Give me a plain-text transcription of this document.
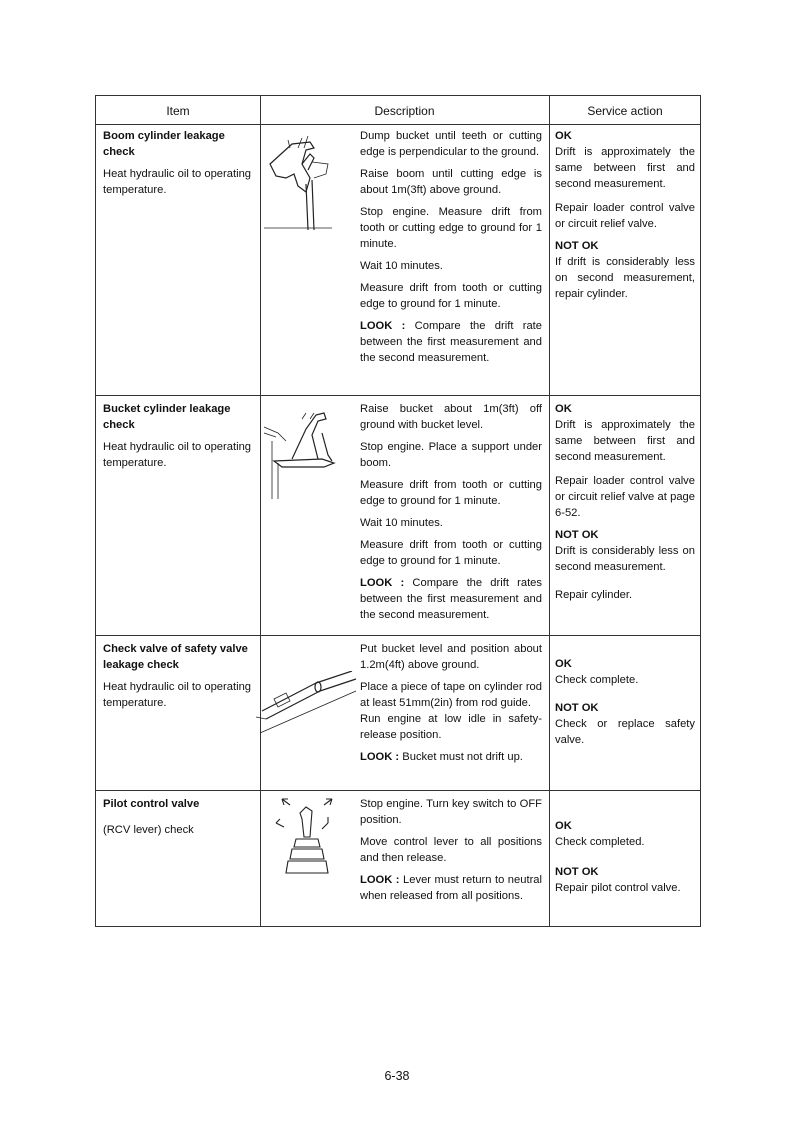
Item	Description	Service action

Boom cylinder leakage check

Heat hydraulic oil to operating temperature.

Dump bucket until teeth or cutting edge is perpendicular to the ground.

Raise boom until cutting edge is about 1m(3ft) above ground.

Stop engine. Measure drift from tooth or cutting edge to ground for 1 minute.

Wait 10 minutes.

Measure drift from tooth or cutting edge to ground for 1 minute.

LOOK : Compare the drift rate between the first measurement and the second measurement.

OK

Drift is approximately the same between first and second measurement.

Repair loader control valve or circuit relief valve.

NOT OK

If drift is considerably less on second measurement, repair cylinder.

Bucket cylinder leakage check

Heat hydraulic oil to operating temperature.

Raise bucket about 1m(3ft) off ground with bucket level.

Stop engine. Place a support under boom.

Measure drift from tooth or cutting edge to ground for 1 minute.

Wait 10 minutes.

Measure drift from tooth or cutting edge to ground for 1 minute.

LOOK : Compare the drift rates between the first measurement and the second measurement.

OK

Drift is approximately the same between first and second measurement.

Repair loader control valve or circuit relief valve at page 6-52.

NOT OK

Drift is considerably less on second measurement.

Repair cylinder.

Check valve of safety valve leakage check

Heat hydraulic oil to operating temperature.

Put bucket level and position about 1.2m(4ft) above ground.

Place a piece of tape on cylinder rod at least 51mm(2in) from rod guide.

Run engine at low idle in safety-release position.

LOOK : Bucket must not drift up.

OK

Check complete.

NOT OK

Check or replace safety valve.

Pilot control valve

(RCV lever) check

Stop engine. Turn key switch to OFF position.

Move control lever to all positions and then release.

LOOK : Lever must return to neutral when released from all positions.

OK

Check completed.

NOT OK

Repair pilot control valve.

6-38
